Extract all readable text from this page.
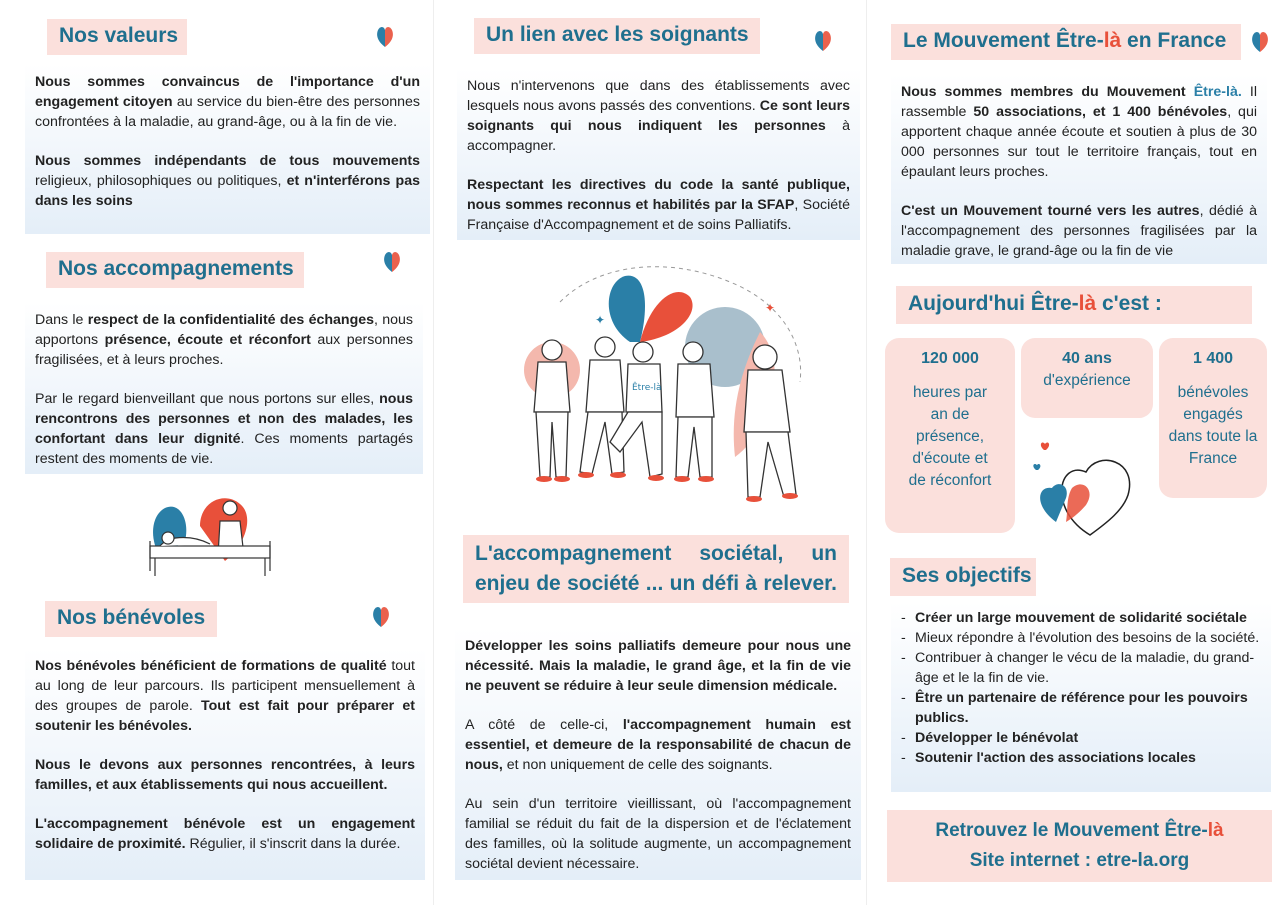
Nos valeurs

Nous sommes convaincus de l'importance d'un engagement citoyen au service du bien-être des personnes confrontées à la maladie, au grand-âge, ou à la fin de vie.

Nous sommes indépendants de tous mouvements religieux, philosophiques ou politiques, et n'interférons pas dans les soins

Nos accompagnements

Dans le respect de la confidentialité des échanges, nous apportons présence, écoute et réconfort aux personnes fragilisées, et à leurs proches.

Par le regard bienveillant que nous portons sur elles, nous rencontrons des personnes et non des malades, les confortant dans leur dignité. Ces moments partagés restent des moments de vie.

Nos bénévoles

Nos bénévoles bénéficient de formations de qualité tout au long de leur parcours. Ils participent mensuellement à des groupes de parole. Tout est fait pour préparer et soutenir les bénévoles.

Nous le devons aux personnes rencontrées, à leurs familles, et aux établissements qui nous accueillent.

L'accompagnement bénévole est un engagement solidaire de proximité. Régulier, il s'inscrit dans la durée.

Un lien avec les soignants

Nous n'intervenons que dans des établissements avec lesquels nous avons passés des conventions. Ce sont leurs soignants qui nous indiquent les personnes à accompagner.

Respectant les directives du code la santé publique, nous sommes reconnus et habilités par la SFAP, Société Française d'Accompagnement et de soins Palliatifs.

✦
✦
Être-là
L'accompagnement sociétal, un
enjeu de société ... un défi à relever.

Développer les soins palliatifs demeure pour nous une nécessité. Mais la maladie, le grand âge, et la fin de vie ne peuvent se réduire à leur seule dimension médicale.

A côté de celle-ci, l'accompagnement humain est essentiel, et demeure de la responsabilité de chacun de nous, et non uniquement de celle des soignants.

Au sein d'un territoire vieillissant, où l'accompagnement familial se réduit du fait de la dispersion et de l'éclatement des familles, où la solitude augmente, un accompagnement sociétal devient nécessaire.

Le Mouvement Être-là en France

Nous sommes membres du Mouvement Être-là. Il rassemble 50 associations, et 1 400 bénévoles, qui apportent chaque année écoute et soutien à plus de 30 000 personnes sur tout le territoire français, tout en épaulant leurs proches.

C'est un Mouvement tourné vers les autres, dédié à l'accompagnement des personnes fragilisées par la maladie grave, le grand-âge ou la fin de vie

Aujourd'hui Être-là c'est :
120 000
heures par an de présence, d'écoute et de réconfort
40 ans
d'expérience
1 400
bénévoles engagés dans toute la France
Ses objectifs
- Créer un large mouvement de solidarité sociétale
- Mieux répondre à l'évolution des besoins de la société.
- Contribuer à changer le vécu de la maladie, du grand-âge et le la fin de vie.
- Être un partenaire de référence pour les pouvoirs publics.
- Développer le bénévolat
- Soutenir l'action des associations locales
Retrouvez le Mouvement Être-là
Site internet : etre-la.org
